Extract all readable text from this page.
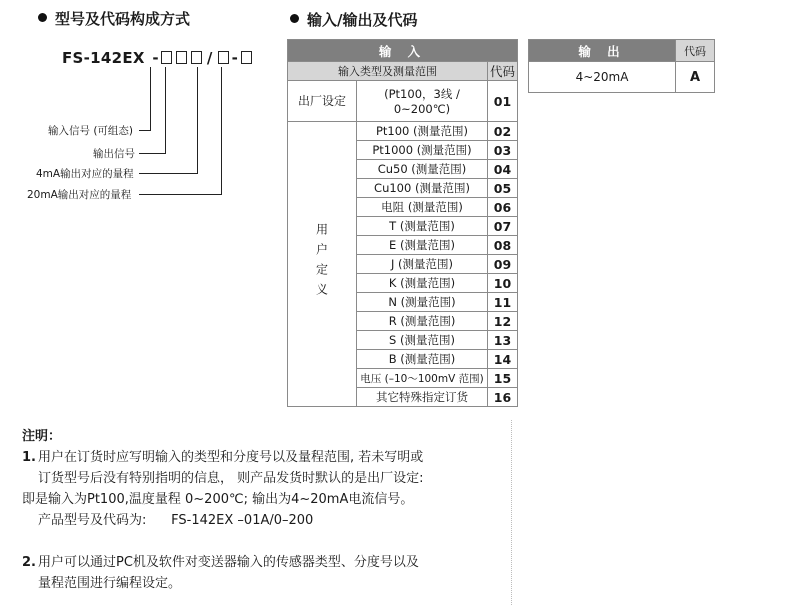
型号及代码构成方式
FS-142EX -	/ -
输入信号 (可组态)
输出信号
4mA输出对应的量程
20mA输出对应的量程
输入/输出及代码
输 入		
输入类型及测量范围		代码
出厂设定	(Pt100，3线 / 0~200℃)	01
用户定义	Pt100 (测量范围)	02
	Pt1000 (测量范围)	03
	Cu50 (测量范围)	04
	Cu100 (测量范围)	05
	电阻 (测量范围)	06
	T (测量范围)	07
	E (测量范围)	08
	J (测量范围)	09
	K (测量范围)	10
	N (测量范围)	11
	R (测量范围)	12
	S (测量范围)	13
	B (测量范围)	14
	电压 (–10～100mV 范围)	15
	其它特殊指定订货	16
输 出	代码
4~20mA	A
注明：
1. 用户在订货时应写明输入的类型和分度号以及量程范围, 若未写明或
订货型号后没有特别指明的信息， 则产品发货时默认的是出厂设定:
即是输入为Pt100,温度量程 0~200℃; 输出为4~20mA电流信号。
产品型号及代码为:      FS-142EX –01A/0–200
2. 用户可以通过PC机及软件对变送器输入的传感器类型、分度号以及
量程范围进行编程设定。
